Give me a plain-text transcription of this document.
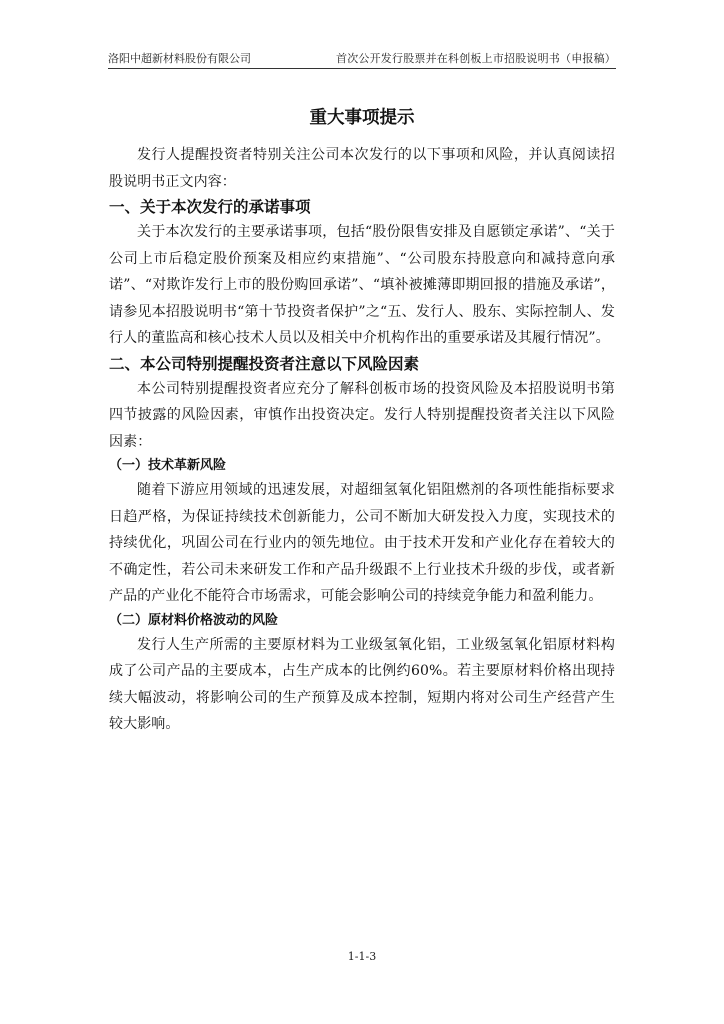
洛阳中超新材料股份有限公司	首次公开发行股票并在科创板上市招股说明书（申报稿）
重大事项提示

发行人提醒投资者特别关注公司本次发行的以下事项和风险，并认真阅读招股说明书正文内容：

一、关于本次发行的承诺事项

关于本次发行的主要承诺事项，包括“股份限售安排及自愿锁定承诺”、“关于公司上市后稳定股价预案及相应约束措施”、“公司股东持股意向和减持意向承诺”、“对欺诈发行上市的股份购回承诺”、“填补被摊薄即期回报的措施及承诺”，请参见本招股说明书“第十节投资者保护”之“五、发行人、股东、实际控制人、发行人的董监高和核心技术人员以及相关中介机构作出的重要承诺及其履行情况”。

二、本公司特别提醒投资者注意以下风险因素

本公司特别提醒投资者应充分了解科创板市场的投资风险及本招股说明书第四节披露的风险因素，审慎作出投资决定。发行人特别提醒投资者关注以下风险因素：

（一）技术革新风险

随着下游应用领域的迅速发展，对超细氢氧化铝阻燃剂的各项性能指标要求日趋严格，为保证持续技术创新能力，公司不断加大研发投入力度，实现技术的持续优化，巩固公司在行业内的领先地位。由于技术开发和产业化存在着较大的不确定性，若公司未来研发工作和产品升级跟不上行业技术升级的步伐，或者新产品的产业化不能符合市场需求，可能会影响公司的持续竞争能力和盈利能力。

（二）原材料价格波动的风险

发行人生产所需的主要原材料为工业级氢氧化铝，工业级氢氧化铝原材料构成了公司产品的主要成本，占生产成本的比例约60%。若主要原材料价格出现持续大幅波动，将影响公司的生产预算及成本控制，短期内将对公司生产经营产生较大影响。

1-1-3
